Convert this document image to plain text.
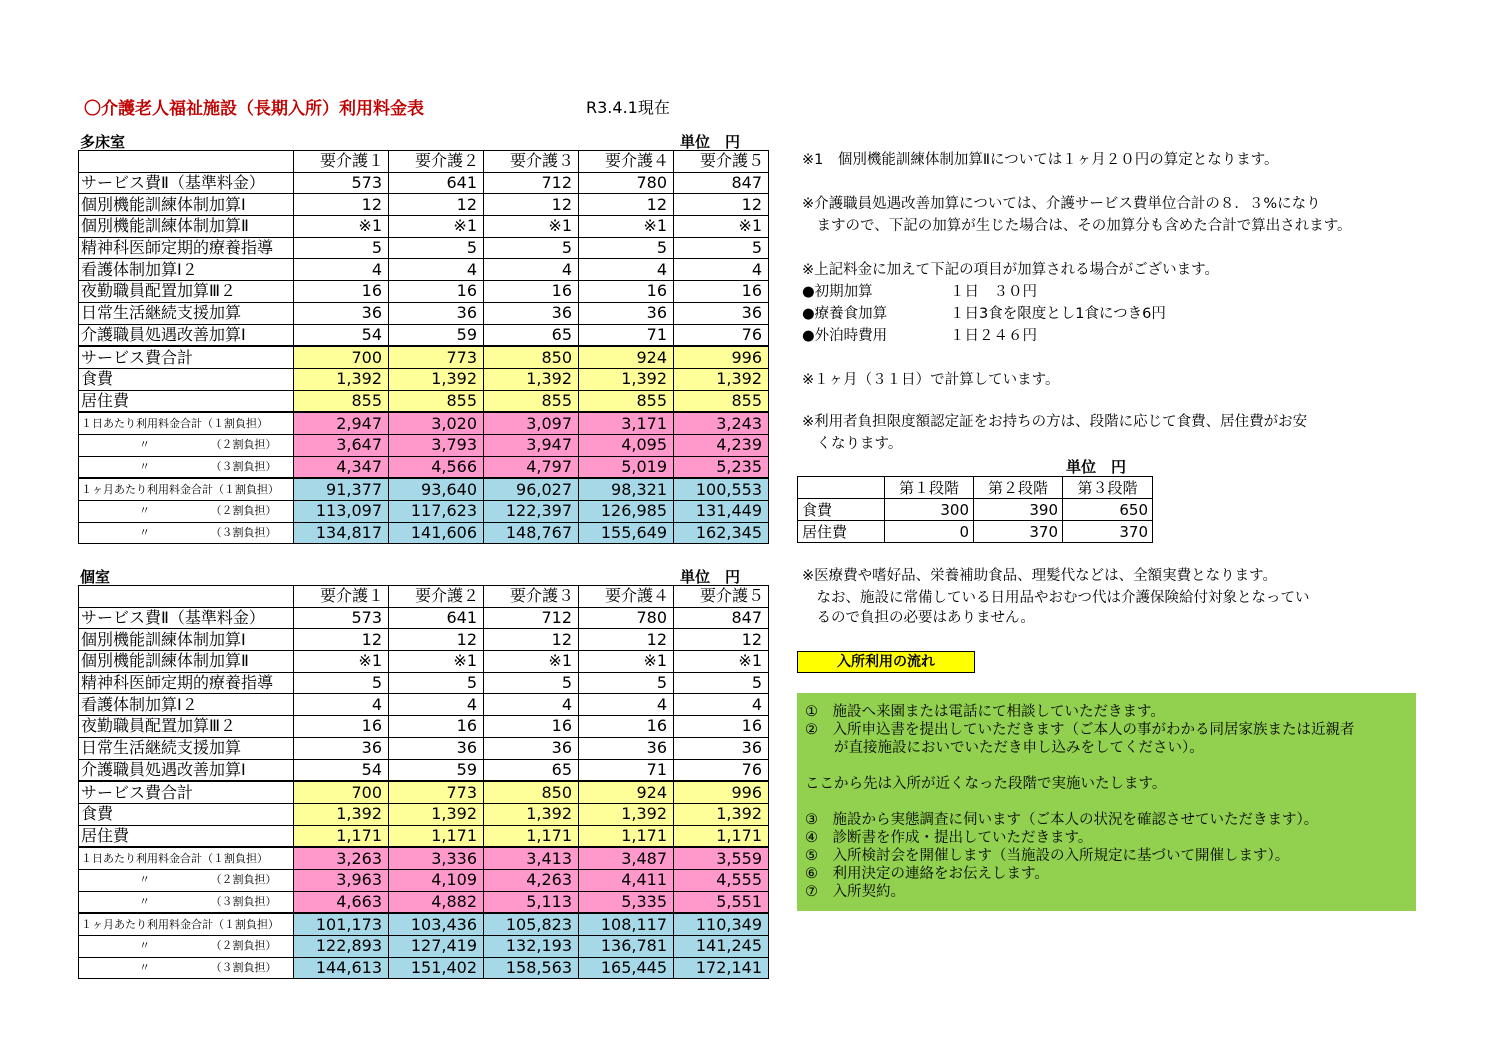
〇介護老人福祉施設（長期入所）利用料金表	R3.4.1現在
多床室	単位　円
	要介護１	要介護２	要介護３	要介護４	要介護５
サービス費Ⅱ（基準料金）	573	641	712	780	847
個別機能訓練体制加算Ⅰ	12	12	12	12	12
個別機能訓練体制加算Ⅱ	※1	※1	※1	※1	※1
精神科医師定期的療養指導	5	5	5	5	5
看護体制加算Ⅰ２	4	4	4	4	4
夜勤職員配置加算Ⅲ２	16	16	16	16	16
日常生活継続支援加算	36	36	36	36	36
介護職員処遇改善加算Ⅰ	54	59	65	71	76
サービス費合計	700	773	850	924	996
食費	1,392	1,392	1,392	1,392	1,392
居住費	855	855	855	855	855
１日あたり利用料金合計（１割負担）	2,947	3,020	3,097	3,171	3,243
〃　　　　　　（２割負担）	3,647	3,793	3,947	4,095	4,239
〃　　　　　　（３割負担）	4,347	4,566	4,797	5,019	5,235
１ヶ月あたり利用料金合計（１割負担）	91,377	93,640	96,027	98,321	100,553
〃　　　　　　（２割負担）	113,097	117,623	122,397	126,985	131,449
〃　　　　　　（３割負担）	134,817	141,606	148,767	155,649	162,345
個室	単位　円
	要介護１	要介護２	要介護３	要介護４	要介護５
サービス費Ⅱ（基準料金）	573	641	712	780	847
個別機能訓練体制加算Ⅰ	12	12	12	12	12
個別機能訓練体制加算Ⅱ	※1	※1	※1	※1	※1
精神科医師定期的療養指導	5	5	5	5	5
看護体制加算Ⅰ２	4	4	4	4	4
夜勤職員配置加算Ⅲ２	16	16	16	16	16
日常生活継続支援加算	36	36	36	36	36
介護職員処遇改善加算Ⅰ	54	59	65	71	76
サービス費合計	700	773	850	924	996
食費	1,392	1,392	1,392	1,392	1,392
居住費	1,171	1,171	1,171	1,171	1,171
１日あたり利用料金合計（１割負担）	3,263	3,336	3,413	3,487	3,559
〃　　　　　　（２割負担）	3,963	4,109	4,263	4,411	4,555
〃　　　　　　（３割負担）	4,663	4,882	5,113	5,335	5,551
１ヶ月あたり利用料金合計（１割負担）	101,173	103,436	105,823	108,117	110,349
〃　　　　　　（２割負担）	122,893	127,419	132,193	136,781	141,245
〃　　　　　　（３割負担）	144,613	151,402	158,563	165,445	172,141
※1　個別機能訓練体制加算Ⅱについては１ヶ月２０円の算定となります。
※介護職員処遇改善加算については、介護サービス費単位合計の８．３%になり
　ますので、下記の加算が生じた場合は、その加算分も含めた合計で算出されます。
※上記料金に加えて下記の項目が加算される場合がございます。
●初期加算	１日　３０円
●療養食加算	１日3食を限度とし1食につき6円
●外泊時費用	１日２４６円
※１ヶ月（３１日）で計算しています。
※利用者負担限度額認定証をお持ちの方は、段階に応じて食費、居住費がお安
　くなります。
単位　円
	第１段階	第２段階	第３段階
食費	300	390	650
居住費	0	370	370
※医療費や嗜好品、栄養補助食品、理髪代などは、全額実費となります。
　なお、施設に常備している日用品やおむつ代は介護保険給付対象となってい
　るので負担の必要はありません。
入所利用の流れ
①　施設へ来園または電話にて相談していただきます。
②　入所申込書を提出していただきます（ご本人の事がわかる同居家族または近親者
　　が直接施設においでいただき申し込みをしてください）。
ここから先は入所が近くなった段階で実施いたします。
③　施設から実態調査に伺います（ご本人の状況を確認させていただきます）。
④　診断書を作成・提出していただきます。
⑤　入所検討会を開催します（当施設の入所規定に基づいて開催します）。
⑥　利用決定の連絡をお伝えします。
⑦　入所契約。
